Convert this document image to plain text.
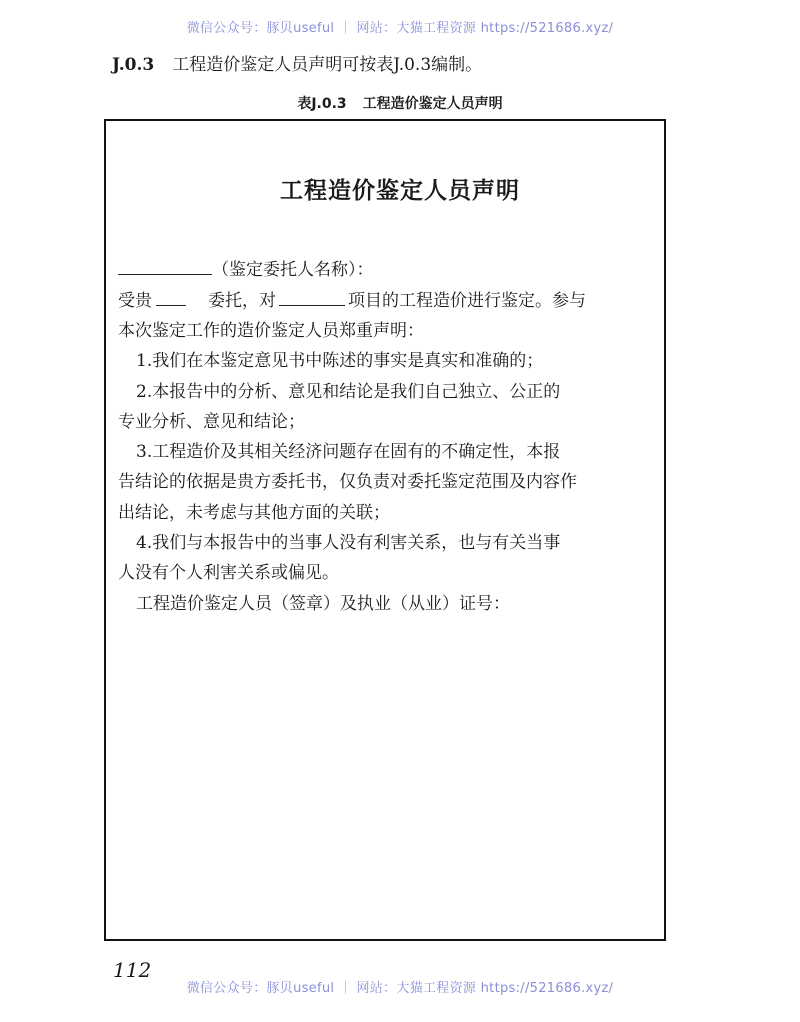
微信公众号：豚贝useful ｜ 网站：大猫工程资源 https://521686.xyz/
J.0.3 工程造价鉴定人员声明可按表J.0.3编制。
表J.0.3 工程造价鉴定人员声明
工程造价鉴定人员声明
（鉴定委托人名称）：
受贵	委托，对	项目的工程造价进行鉴定。参与
本次鉴定工作的造价鉴定人员郑重声明：
1.我们在本鉴定意见书中陈述的事实是真实和准确的；
2.本报告中的分析、意见和结论是我们自己独立、公正的
专业分析、意见和结论；
3.工程造价及其相关经济问题存在固有的不确定性，本报
告结论的依据是贵方委托书，仅负责对委托鉴定范围及内容作
出结论，未考虑与其他方面的关联；
4.我们与本报告中的当事人没有利害关系，也与有关当事
人没有个人利害关系或偏见。
工程造价鉴定人员（签章）及执业（从业）证号：
112
微信公众号：豚贝useful ｜ 网站：大猫工程资源 https://521686.xyz/
